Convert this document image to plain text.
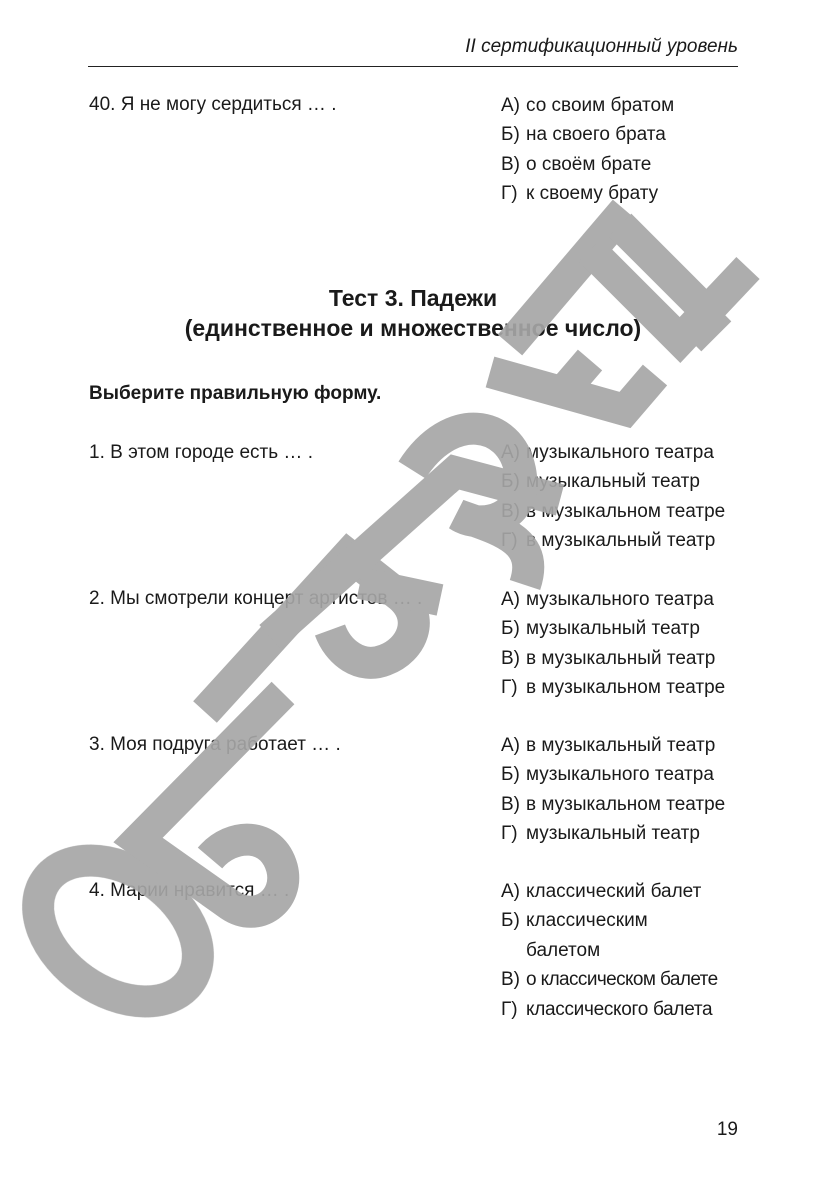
II сертификационный уровень
40. Я не могу сердиться … .	А) со своим братом
Б) на своего брата
В) о своём брате
Г) к своему брату
Тест 3. Падежи
(единственное и множественное число)
Выберите правильную форму.
1. В этом городе есть … .	А) музыкального театра
Б) музыкальный театр
В) в музыкальном театре
Г) в музыкальный театр
2. Мы смотрели концерт артистов … .	А) музыкального театра
Б) музыкальный театр
В) в музыкальный театр
Г) в музыкальном театре
3. Моя подруга работает … .	А) в музыкальный театр
Б) музыкального театра
В) в музыкальном театре
Г) музыкальный театр
4. Марии нравится … .	А) классический балет
Б) классическим балетом
В) о классическом балете
Г) классического балета
19
